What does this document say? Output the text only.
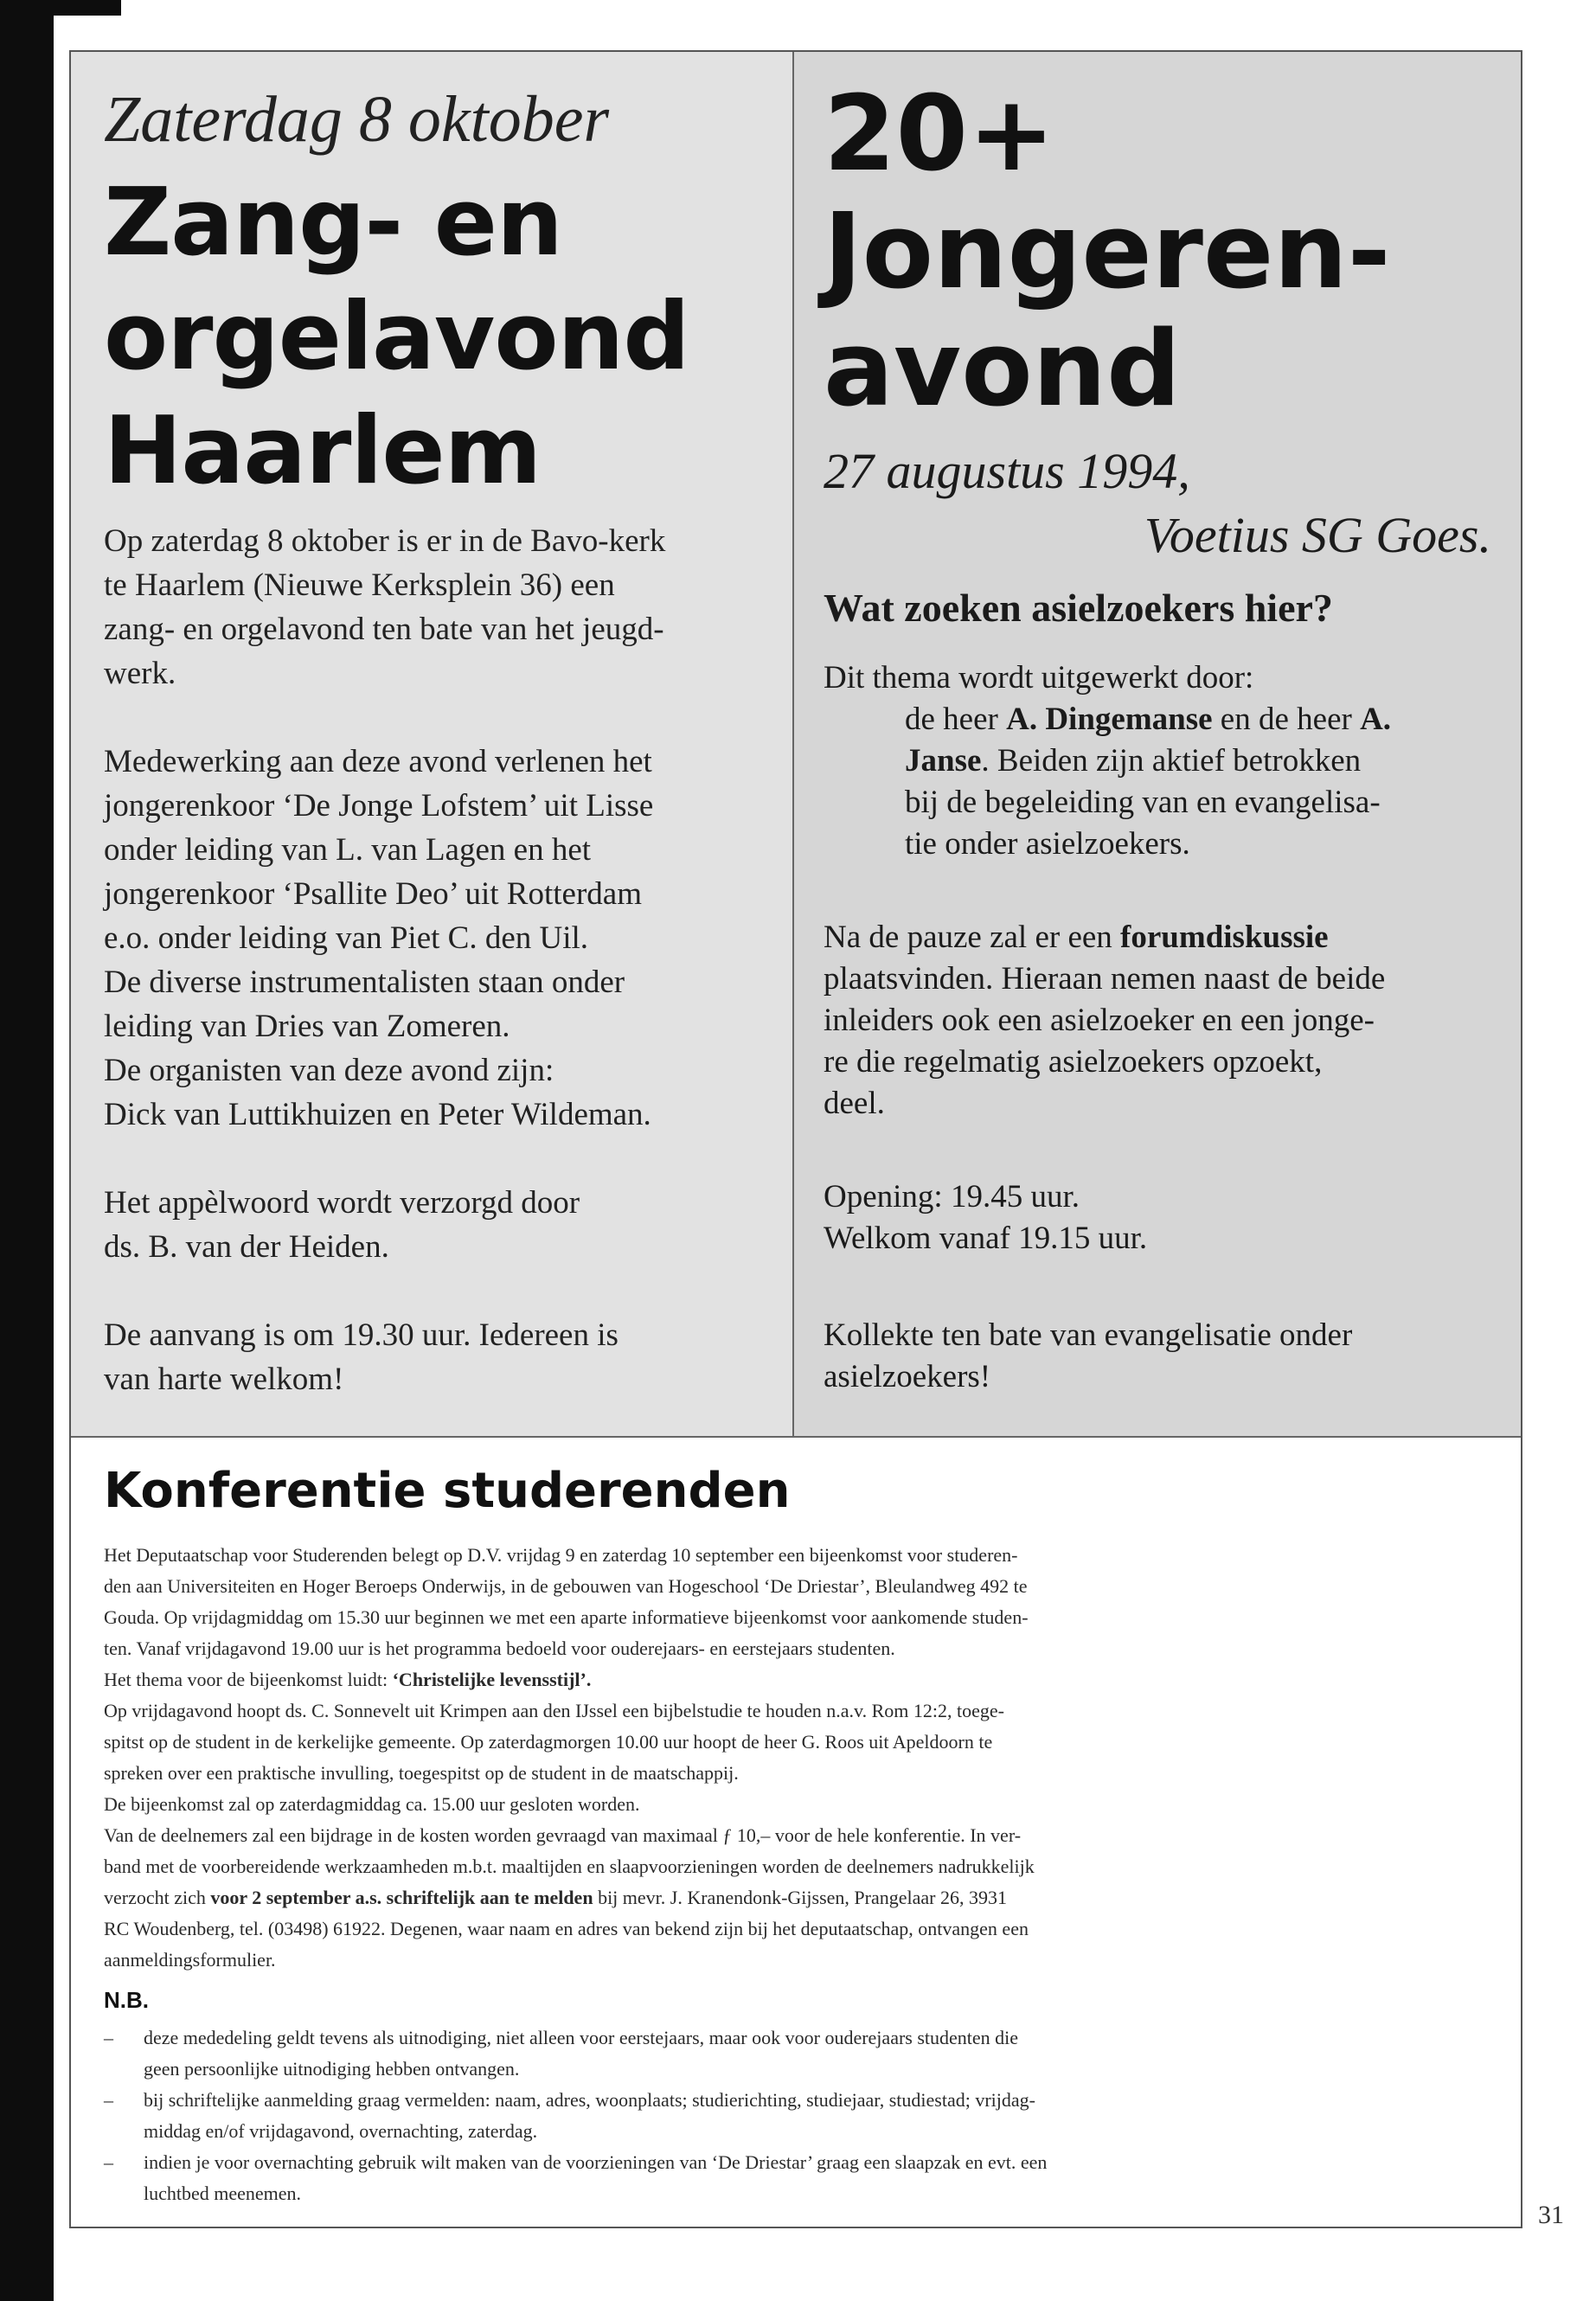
Zaterdag 8 oktober
Zang- en
orgelavond
Haarlem

Op zaterdag 8 oktober is er in de Bavo-kerk
te Haarlem (Nieuwe Kerksplein 36) een
zang- en orgelavond ten bate van het jeugd-
werk.

Medewerking aan deze avond verlenen het
jongerenkoor ‘De Jonge Lofstem’ uit Lisse
onder leiding van L. van Lagen en het
jongerenkoor ‘Psallite Deo’ uit Rotterdam
e.o. onder leiding van Piet C. den Uil.
De diverse instrumentalisten staan onder
leiding van Dries van Zomeren.
De organisten van deze avond zijn:
Dick van Luttikhuizen en Peter Wildeman.

Het appèlwoord wordt verzorgd door
ds. B. van der Heiden.

De aanvang is om 19.30 uur. Iedereen is
van harte welkom!

20+
Jongeren-
avond
27 augustus 1994,
Voetius SG Goes.
Wat zoeken asielzoekers hier?
Dit thema wordt uitgewerkt door:
de heer A. Dingemanse en de heer A.
Janse. Beiden zijn aktief betrokken
bij de begeleiding van en evangelisa-
tie onder asielzoekers.
Na de pauze zal er een forumdiskussie
plaatsvinden. Hieraan nemen naast de beide
inleiders ook een asielzoeker en een jonge-
re die regelmatig asielzoekers opzoekt,
deel.
Opening: 19.45 uur.
Welkom vanaf 19.15 uur.
Kollekte ten bate van evangelisatie onder
asielzoekers!
Konferentie studerenden
Het Deputaatschap voor Studerenden belegt op D.V. vrijdag 9 en zaterdag 10 september een bijeenkomst voor studeren-
den aan Universiteiten en Hoger Beroeps Onderwijs, in de gebouwen van Hogeschool ‘De Driestar’, Bleulandweg 492 te
Gouda. Op vrijdagmiddag om 15.30 uur beginnen we met een aparte informatieve bijeenkomst voor aankomende studen-
ten. Vanaf vrijdagavond 19.00 uur is het programma bedoeld voor ouderejaars- en eerstejaars studenten.
Het thema voor de bijeenkomst luidt: ‘Christelijke levensstijl’.
Op vrijdagavond hoopt ds. C. Sonnevelt uit Krimpen aan den IJssel een bijbelstudie te houden n.a.v. Rom 12:2, toege-
spitst op de student in de kerkelijke gemeente. Op zaterdagmorgen 10.00 uur hoopt de heer G. Roos uit Apeldoorn te
spreken over een praktische invulling, toegespitst op de student in de maatschappij.
De bijeenkomst zal op zaterdagmiddag ca. 15.00 uur gesloten worden.
Van de deelnemers zal een bijdrage in de kosten worden gevraagd van maximaal ƒ 10,– voor de hele konferentie. In ver-
band met de voorbereidende werkzaamheden m.b.t. maaltijden en slaapvoorzieningen worden de deelnemers nadrukkelijk
verzocht zich voor 2 september a.s. schriftelijk aan te melden bij mevr. J. Kranendonk-Gijssen, Prangelaar 26, 3931
RC Woudenberg, tel. (03498) 61922. Degenen, waar naam en adres van bekend zijn bij het deputaatschap, ontvangen een
aanmeldingsformulier.
N.B.
– deze mededeling geldt tevens als uitnodiging, niet alleen voor eerstejaars, maar ook voor ouderejaars studenten die
geen persoonlijke uitnodiging hebben ontvangen.
– bij schriftelijke aanmelding graag vermelden: naam, adres, woonplaats; studierichting, studiejaar, studiestad; vrijdag-
middag en/of vrijdagavond, overnachting, zaterdag.
– indien je voor overnachting gebruik wilt maken van de voorzieningen van ‘De Driestar’ graag een slaapzak en evt. een
luchtbed meenemen.
31
